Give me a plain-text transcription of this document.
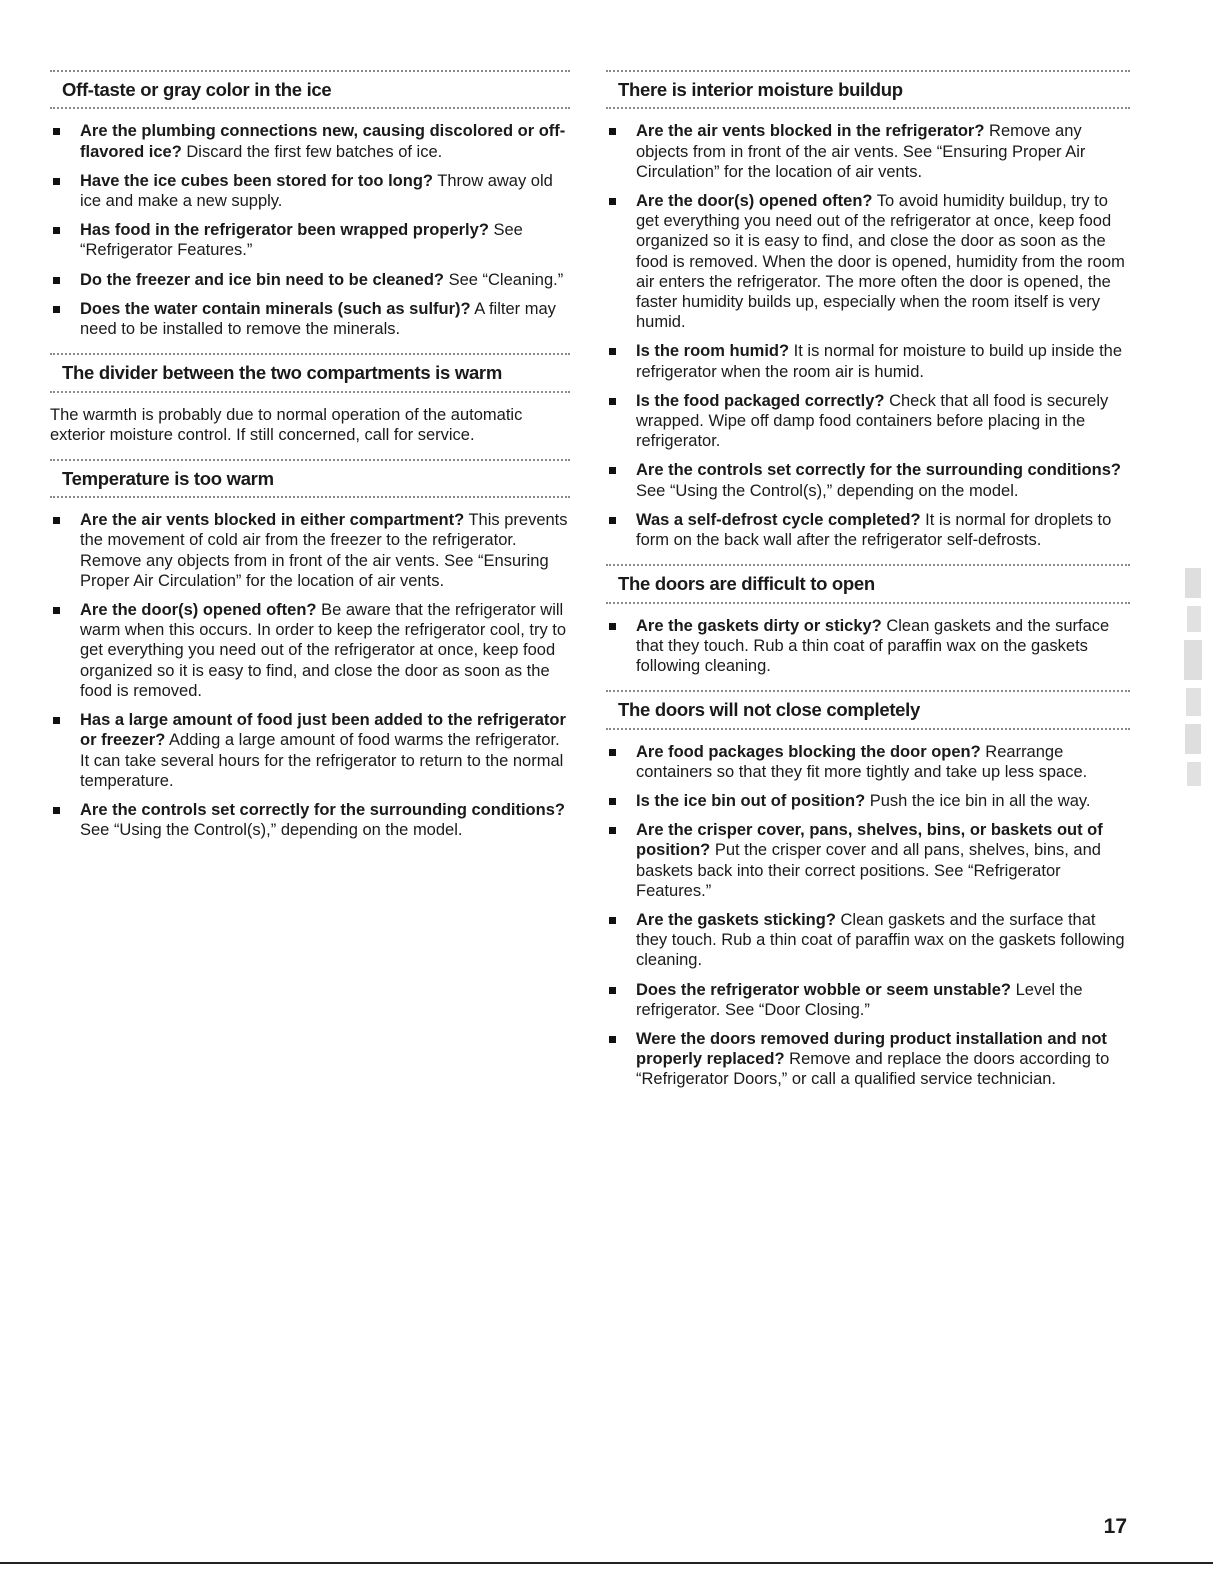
Off-taste or gray color in the ice
Are the plumbing connections new, causing discolored or off-flavored ice? Discard the first few batches of ice.
Have the ice cubes been stored for too long? Throw away old ice and make a new supply.
Has food in the refrigerator been wrapped properly? See “Refrigerator Features.”
Do the freezer and ice bin need to be cleaned? See “Cleaning.”
Does the water contain minerals (such as sulfur)? A filter may need to be installed to remove the minerals.
The divider between the two compartments is warm

The warmth is probably due to normal operation of the automatic exterior moisture control. If still concerned, call for service.

Temperature is too warm
Are the air vents blocked in either compartment? This prevents the movement of cold air from the freezer to the refrigerator. Remove any objects from in front of the air vents. See “Ensuring Proper Air Circulation” for the location of air vents.
Are the door(s) opened often? Be aware that the refrigerator will warm when this occurs. In order to keep the refrigerator cool, try to get everything you need out of the refrigerator at once, keep food organized so it is easy to find, and close the door as soon as the food is removed.
Has a large amount of food just been added to the refrigerator or freezer? Adding a large amount of food warms the refrigerator. It can take several hours for the refrigerator to return to the normal temperature.
Are the controls set correctly for the surrounding conditions? See “Using the Control(s),” depending on the model.
There is interior moisture buildup
Are the air vents blocked in the refrigerator? Remove any objects from in front of the air vents. See “Ensuring Proper Air Circulation” for the location of air vents.
Are the door(s) opened often? To avoid humidity buildup, try to get everything you need out of the refrigerator at once, keep food organized so it is easy to find, and close the door as soon as the food is removed. When the door is opened, humidity from the room air enters the refrigerator. The more often the door is opened, the faster humidity builds up, especially when the room itself is very humid.
Is the room humid? It is normal for moisture to build up inside the refrigerator when the room air is humid.
Is the food packaged correctly? Check that all food is securely wrapped. Wipe off damp food containers before placing in the refrigerator.
Are the controls set correctly for the surrounding conditions? See “Using the Control(s),” depending on the model.
Was a self-defrost cycle completed? It is normal for droplets to form on the back wall after the refrigerator self-defrosts.
The doors are difficult to open
Are the gaskets dirty or sticky? Clean gaskets and the surface that they touch. Rub a thin coat of paraffin wax on the gaskets following cleaning.
The doors will not close completely
Are food packages blocking the door open? Rearrange containers so that they fit more tightly and take up less space.
Is the ice bin out of position? Push the ice bin in all the way.
Are the crisper cover, pans, shelves, bins, or baskets out of position? Put the crisper cover and all pans, shelves, bins, and baskets back into their correct positions. See “Refrigerator Features.”
Are the gaskets sticking? Clean gaskets and the surface that they touch. Rub a thin coat of paraffin wax on the gaskets following cleaning.
Does the refrigerator wobble or seem unstable? Level the refrigerator. See “Door Closing.”
Were the doors removed during product installation and not properly replaced? Remove and replace the doors according to “Refrigerator Doors,” or call a qualified service technician.
17
